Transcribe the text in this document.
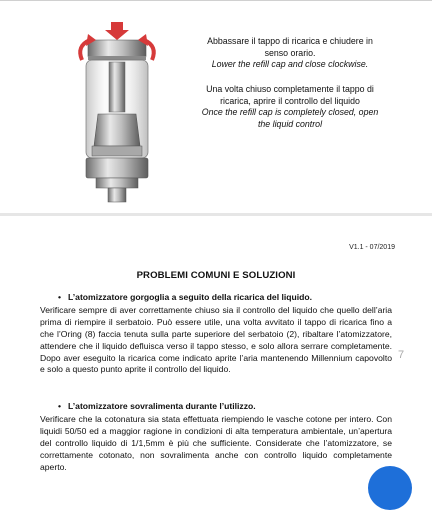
Abbassare il tappo di ricarica e chiudere in

senso orario.

Lower the refill cap and close clockwise.

Una volta chiuso completamente il tappo di

ricarica, aprire il controllo del liquido

Once the refill cap is completely closed, open

the liquid control

V1.1 - 07/2019
PROBLEMI COMUNI E SOLUZIONI
• L’atomizzatore gorgoglia a seguito della ricarica del liquido.

Verificare sempre di aver correttamente chiuso sia il controllo del liquido che quello dell’aria prima di riempire il serbatoio. Può essere utile, una volta avvitato il tappo di ricarica fino a che l’Oring (8) faccia tenuta sulla parte superiore del serbatoio (2), ribaltare l’atomizzatore, attendere che il liquido defluisca verso il tappo stesso, e solo allora serrare completamente. Dopo aver eseguito la ricarica come indicato aprite l’aria mantenendo Millennium capovolto e solo a questo punto aprite il controllo del liquido.

• L’atomizzatore sovralimenta durante l’utilizzo.

Verificare che la cotonatura sia stata effettuata riempiendo le vasche cotone per intero. Con liquidi 50/50 ed a maggior ragione in condizioni di alta temperatura ambientale, un’apertura del controllo liquido di 1/1,5mm è più che sufficiente. Considerate che l’atomizzatore, se correttamente cotonato, non sovralimenta anche con controllo liquido completamente aperto.

7
